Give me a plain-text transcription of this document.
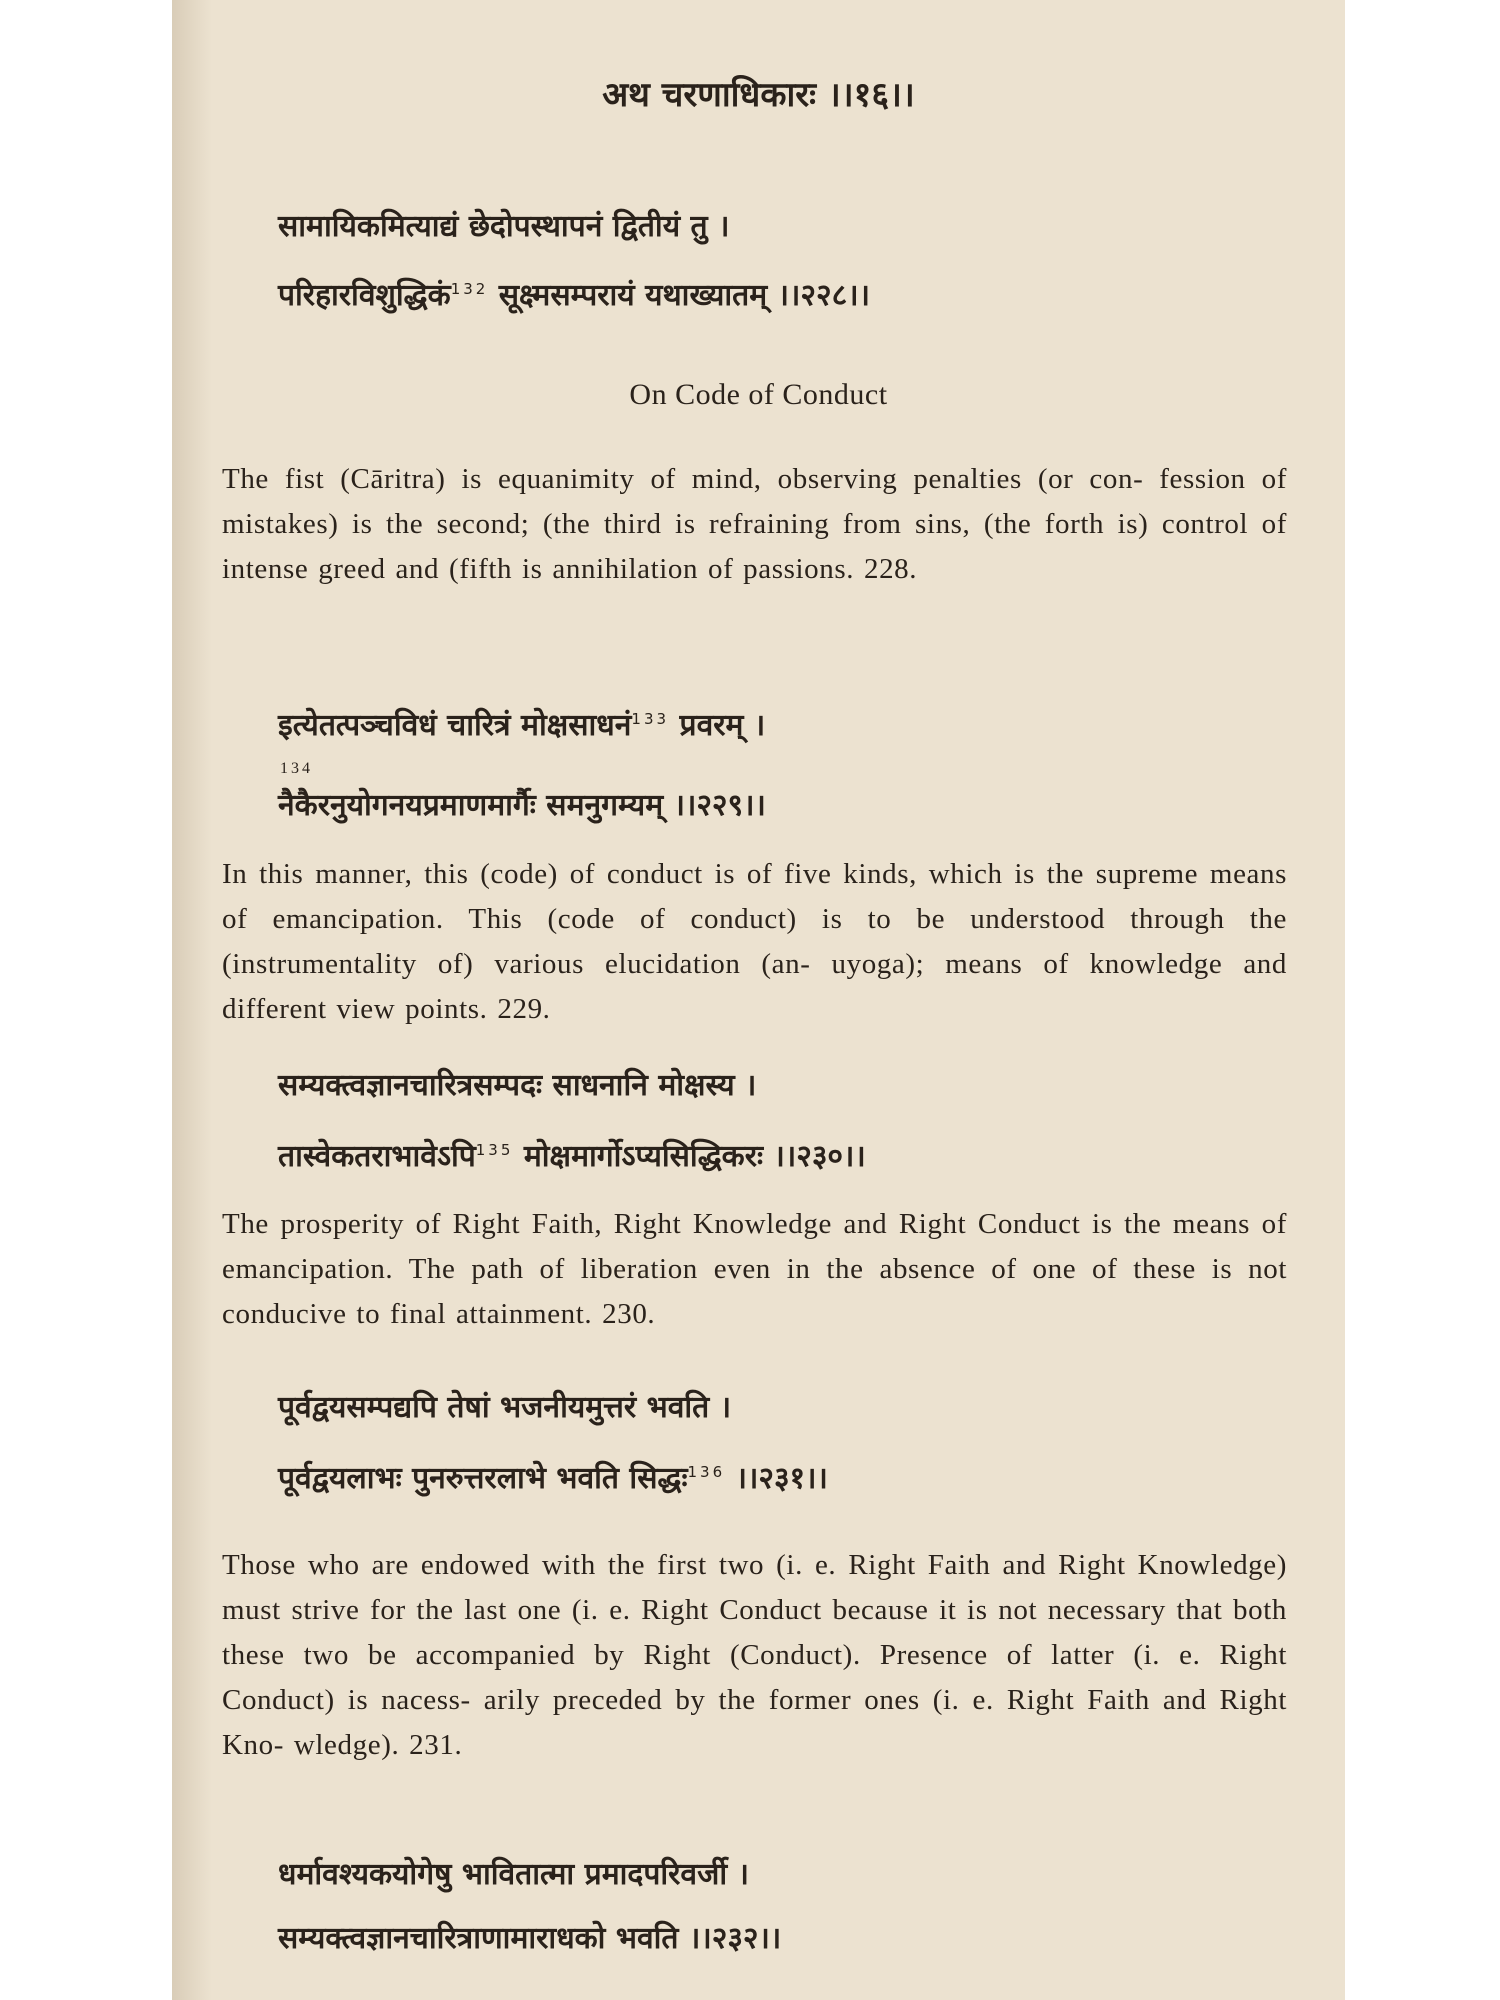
अथ चरणाधिकारः ।।१६।।
सामायिकमित्याद्यं छेदोपस्थापनं द्वितीयं तु ।
परिहारविशुद्धिकं$^{132}$ सूक्ष्मसम्परायं यथाख्यातम् ।।२२८।।
On Code of Conduct
The fist (Cāritra) is equanimity of mind, observing penalties (or con- fession of mistakes) is the second; (the third is refraining from sins, (the forth is) control of intense greed and (fifth is annihilation of passions. 228.
इत्येतत्पञ्चविधं चारित्रं मोक्षसाधनं$^{133}$ प्रवरम् ।
134
नैकैरनुयोगनयप्रमाणमार्गैः समनुगम्यम् ।।२२९।।
In this manner, this (code) of conduct is of five kinds, which is the supreme means of emancipation. This (code of conduct) is to be understood through the (instrumentality of) various elucidation (an- uyoga); means of knowledge and different view points. 229.
सम्यक्त्वज्ञानचारित्रसम्पदः साधनानि मोक्षस्य ।
तास्वेकतराभावेऽपि$^{135}$ मोक्षमार्गोऽप्यसिद्धिकरः ।।२३०।।
The prosperity of Right Faith, Right Knowledge and Right Conduct is the means of emancipation. The path of liberation even in the absence of one of these is not conducive to final attainment. 230.
पूर्वद्वयसम्पद्यपि तेषां भजनीयमुत्तरं भवति ।
पूर्वद्वयलाभः पुनरुत्तरलाभे भवति सिद्धः$^{136}$ ।।२३१।।
Those who are endowed with the first two (i. e. Right Faith and Right Knowledge) must strive for the last one (i. e. Right Conduct because it is not necessary that both these two be accompanied by Right (Conduct). Presence of latter (i. e. Right Conduct) is nacess- arily preceded by the former ones (i. e. Right Faith and Right Kno- wledge). 231.
धर्मावश्यकयोगेषु भावितात्मा प्रमादपरिवर्जी ।
सम्यक्त्वज्ञानचारित्राणामाराधको भवति ।।२३२।।
